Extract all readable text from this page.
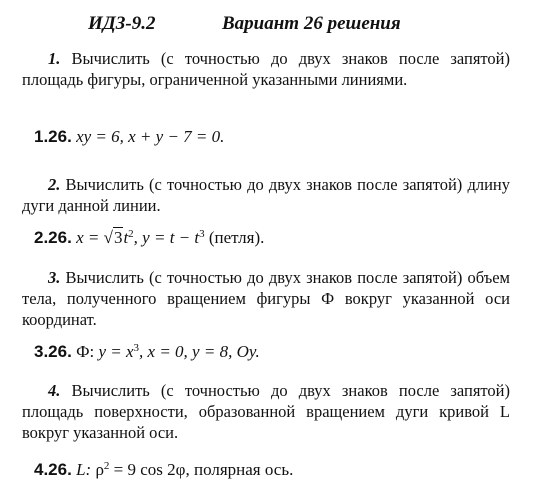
ИДЗ-9.2	Вариант 26 решения
1. Вычислить (с точностью до двух знаков после запятой) площадь фигуры, ограниченной указанными линиями.
1.26. xy = 6, x + y − 7 = 0.
2. Вычислить (с точностью до двух знаков после запятой) длину дуги данной линии.
2.26. $x = √3t^2$, $y = t - t^3$ (петля).
3. Вычислить (с точностью до двух знаков после запятой) объем тела, полученного вращением фигуры Ф вокруг указанной оси координат.
3.26. Ф: $y = x^3$, x = 0, y = 8, Oy.
4. Вычислить (с точностью до двух знаков после запятой) площадь поверхности, образованной вращением дуги кривой L вокруг указанной оси.
4.26. L: $\rho^2 = 9$ cos 2φ, полярная ось.
